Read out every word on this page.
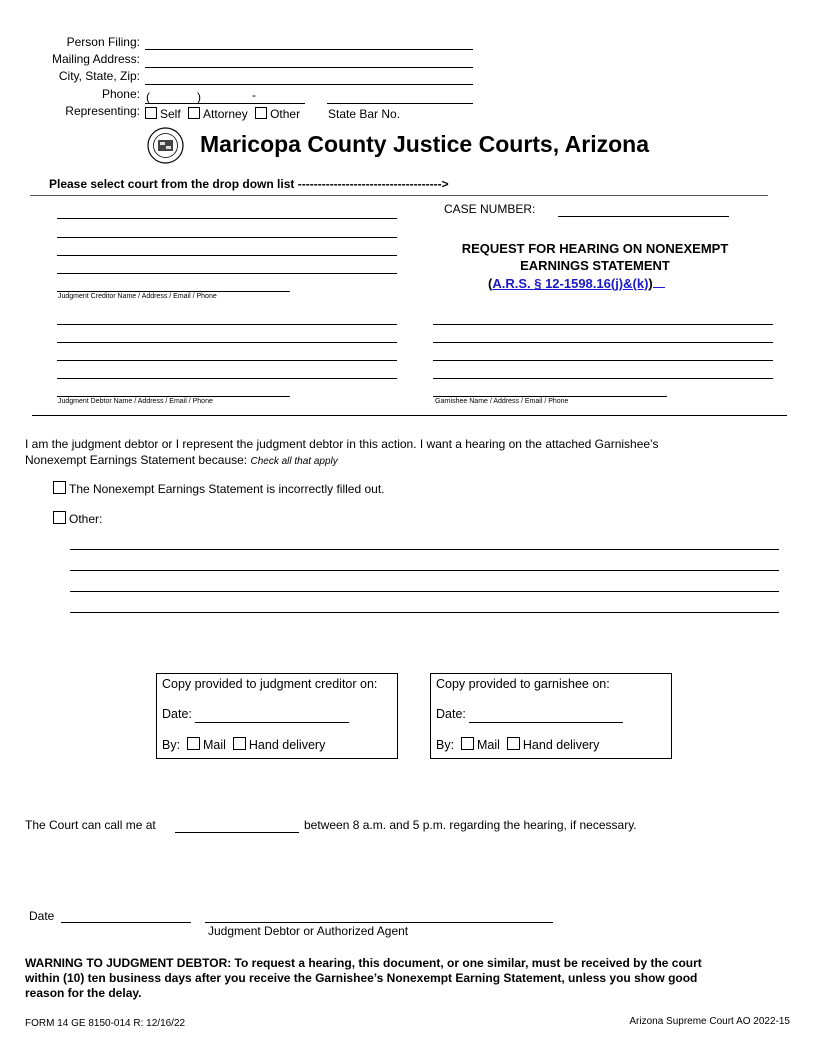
Person Filing:
Mailing Address:
City, State, Zip:
Phone: (	)	-
Representing:	Self Attorney Other State Bar No.
Maricopa County Justice Courts, Arizona
Please select court from the drop down list ------------------------------------>
Judgment Creditor Name / Address / Email / Phone
Judgment Debtor Name / Address / Email / Phone
CASE NUMBER:
REQUEST FOR HEARING ON NONEXEMPT
EARNINGS STATEMENT
(A.R.S. § 12-1598.16(j)&(k))
Garnishee Name / Address / Email / Phone
I am the judgment debtor or I represent the judgment debtor in this action. I want a hearing on the attached Garnishee’s
Nonexempt Earnings Statement because: Check all that apply
The Nonexempt Earnings Statement is incorrectly filled out.
Other:
Copy provided to judgment creditor on:
Date:
By: Mail Hand delivery
Copy provided to garnishee on:
Date:
By: Mail Hand delivery
The Court can call me at	between 8 a.m. and 5 p.m. regarding the hearing, if necessary.
Date
Judgment Debtor or Authorized Agent
WARNING TO JUDGMENT DEBTOR: To request a hearing, this document, or one similar, must be received by the court
within (10) ten business days after you receive the Garnishee’s Nonexempt Earning Statement, unless you show good
reason for the delay.
FORM 14 GE 8150-014 R: 12/16/22	Arizona Supreme Court AO 2022-15
